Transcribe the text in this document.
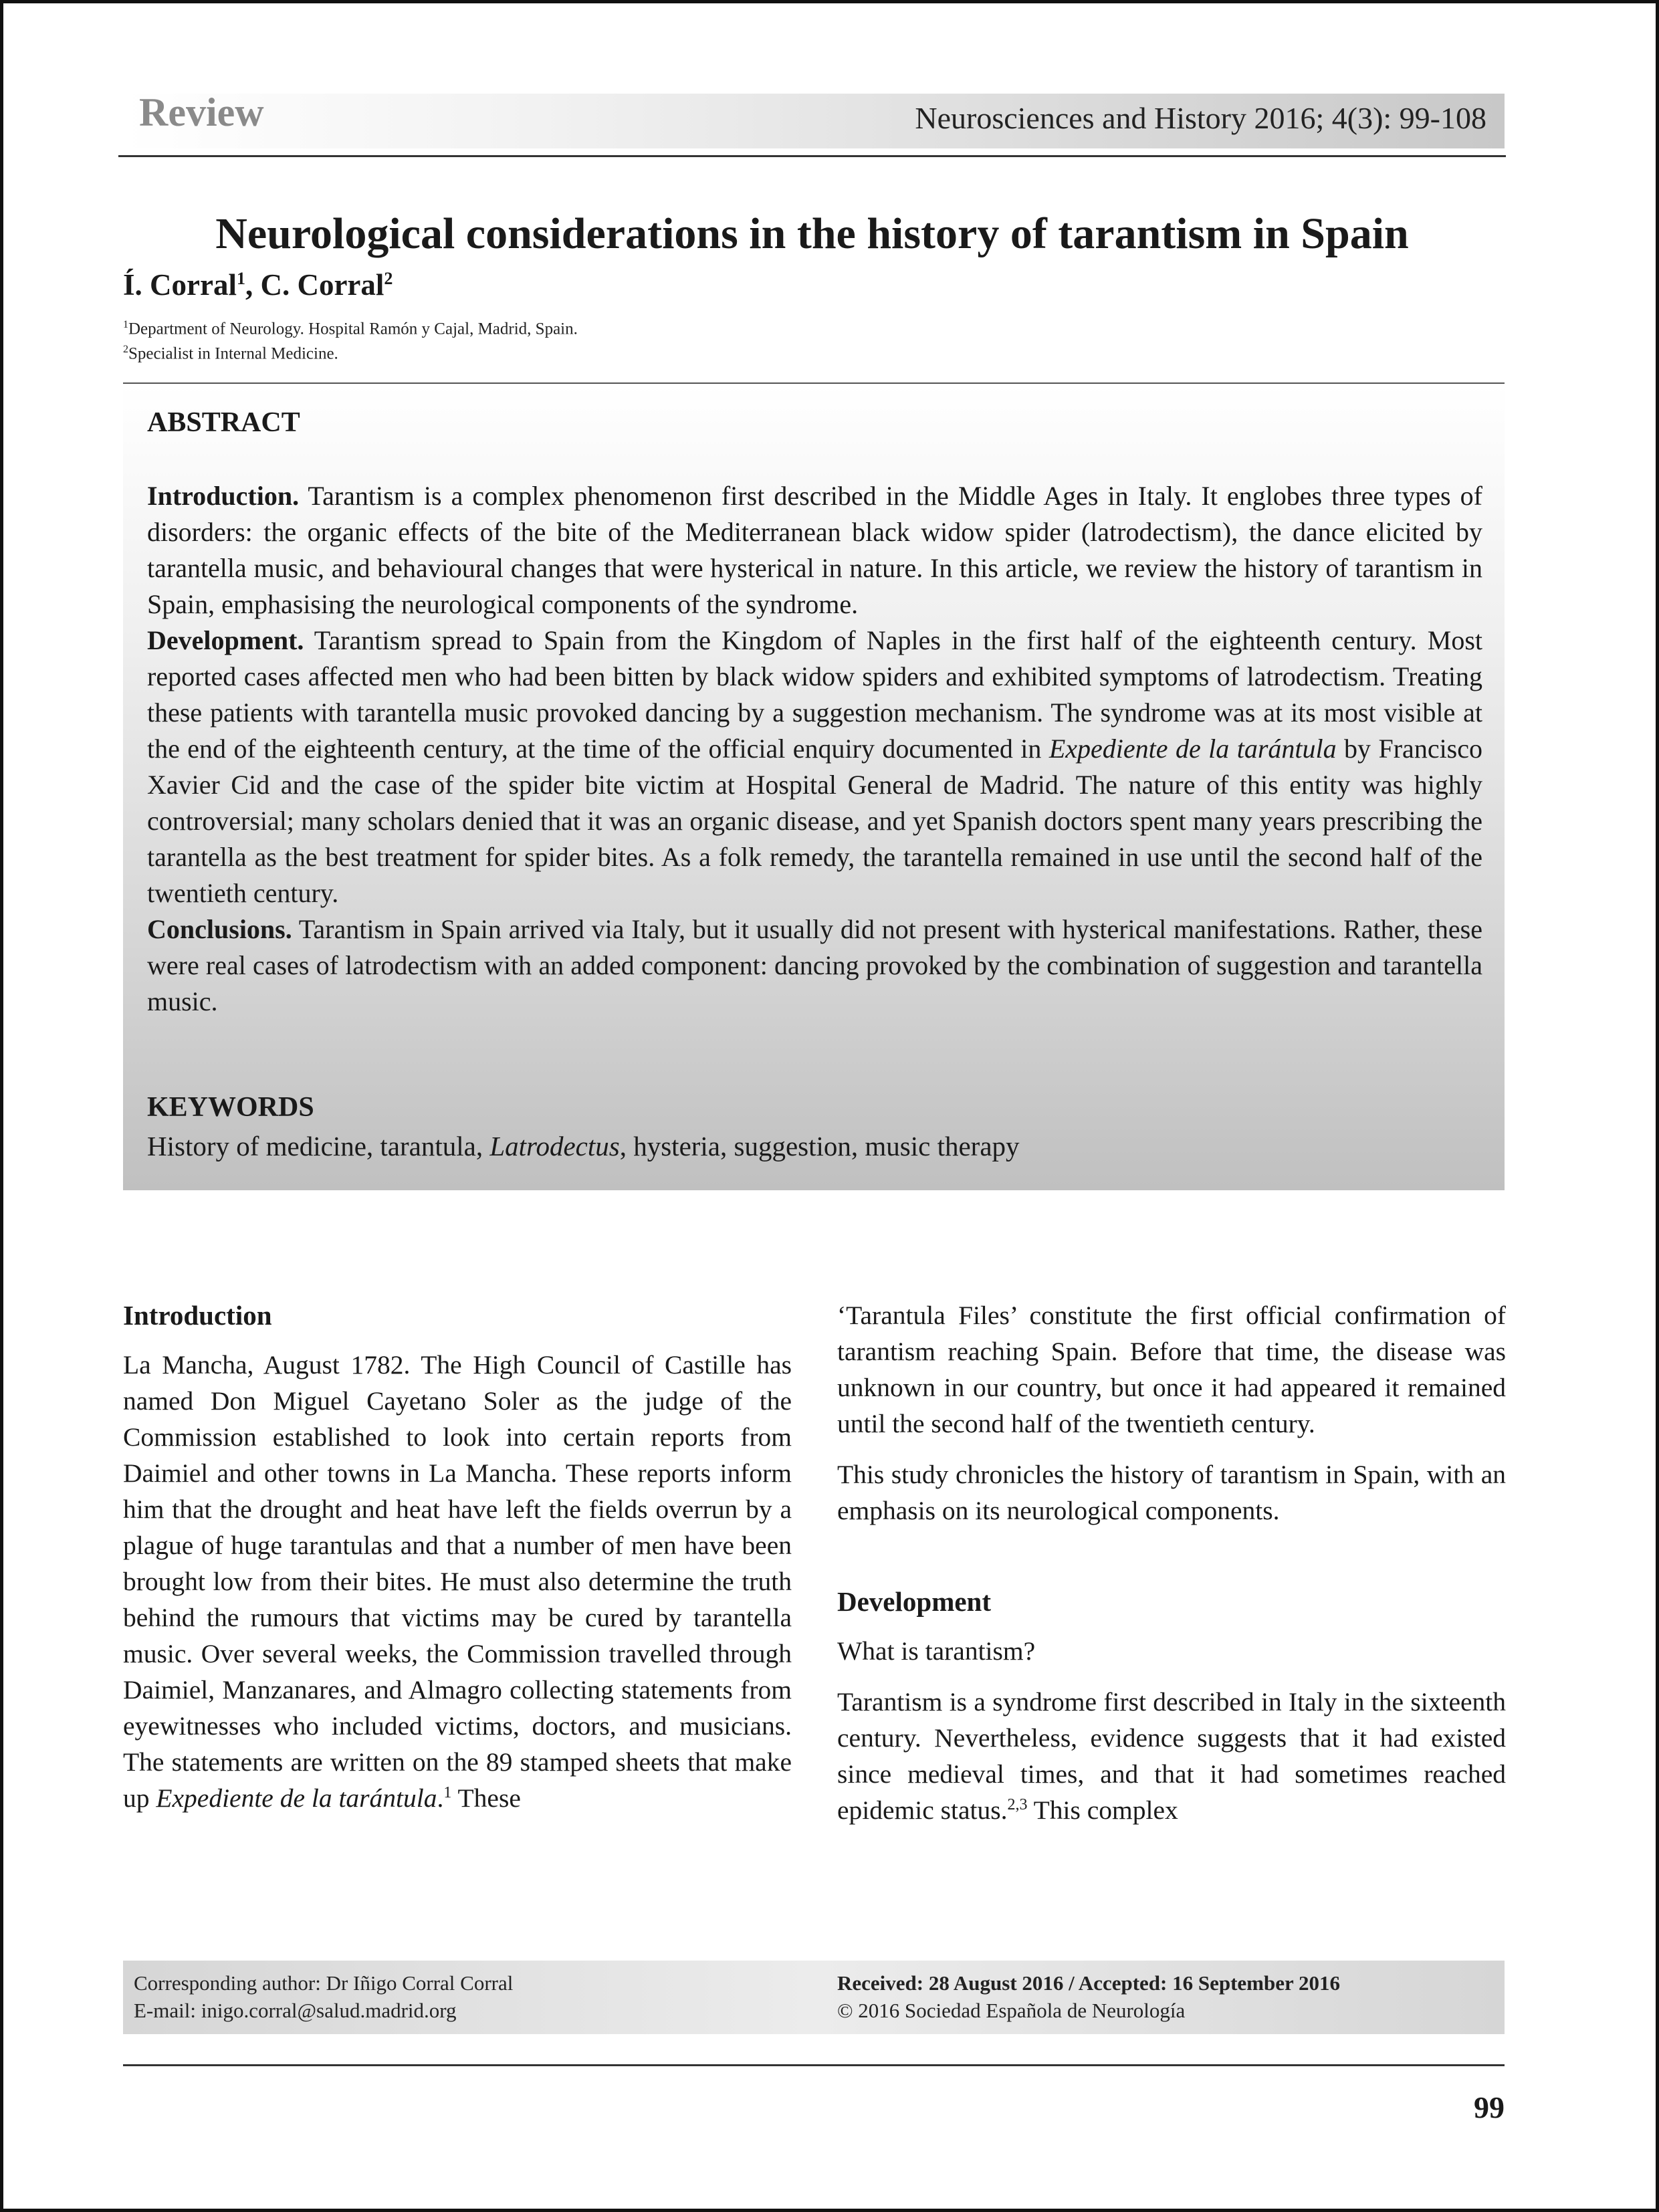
Review	Neurosciences and History 2016; 4(3): 99-108
Neurological considerations in the history of tarantism in Spain
Í. Corral$^1$, C. Corral$^2$
$^1$Department of Neurology. Hospital Ramón y Cajal, Madrid, Spain.
$^2$Specialist in Internal Medicine.
ABSTRACT

Introduction. Tarantism is a complex phenomenon first described in the Middle Ages in Italy. It englobes three types of disorders: the organic effects of the bite of the Mediterranean black widow spider (latrodectism), the dance elicited by tarantella music, and behavioural changes that were hysterical in nature. In this article, we review the history of tarantism in Spain, emphasising the neurological components of the syndrome.

Development. Tarantism spread to Spain from the Kingdom of Naples in the first half of the eighteenth century. Most reported cases affected men who had been bitten by black widow spiders and exhibited symptoms of latrodectism. Treating these patients with tarantella music provoked dancing by a suggestion mechanism. The syndrome was at its most visible at the end of the eighteenth century, at the time of the official enquiry documented in Expediente de la tarántula by Francisco Xavier Cid and the case of the spider bite victim at Hospital General de Madrid. The nature of this entity was highly controversial; many scholars denied that it was an organic disease, and yet Spanish doctors spent many years prescribing the tarantella as the best treatment for spider bites. As a folk remedy, the tarantella remained in use until the second half of the twentieth century.

Conclusions. Tarantism in Spain arrived via Italy, but it usually did not present with hysterical manifestations. Rather, these were real cases of latrodectism with an added component: dancing provoked by the combination of suggestion and tarantella music.

KEYWORDS
History of medicine, tarantula, Latrodectus, hysteria, suggestion, music therapy
Introduction

La Mancha, August 1782. The High Council of Castille has named Don Miguel Cayetano Soler as the judge of the Commission established to look into certain reports from Daimiel and other towns in La Mancha. These reports inform him that the drought and heat have left the fields overrun by a plague of huge tarantulas and that a number of men have been brought low from their bites. He must also determine the truth behind the rumours that victims may be cured by tarantella music. Over several weeks, the Commission travelled through Daimiel, Manzanares, and Almagro collecting statements from eyewitnesses who included victims, doctors, and musicians. The statements are written on the 89 stamped sheets that make up Expediente de la tarántula.$^1$ These

‘Tarantula Files’ constitute the first official confirmation of tarantism reaching Spain. Before that time, the disease was unknown in our country, but once it had appeared it remained until the second half of the twentieth century.

This study chronicles the history of tarantism in Spain, with an emphasis on its neurological components.

Development

What is tarantism?

Tarantism is a syndrome first described in Italy in the sixteenth century. Nevertheless, evidence suggests that it had existed since medieval times, and that it had sometimes reached epidemic status.$^{2,3}$ This complex

Corresponding author: Dr Iñigo Corral Corral
E-mail: inigo.corral@salud.madrid.org
Received: 28 August 2016 / Accepted: 16 September 2016
© 2016 Sociedad Española de Neurología
99
